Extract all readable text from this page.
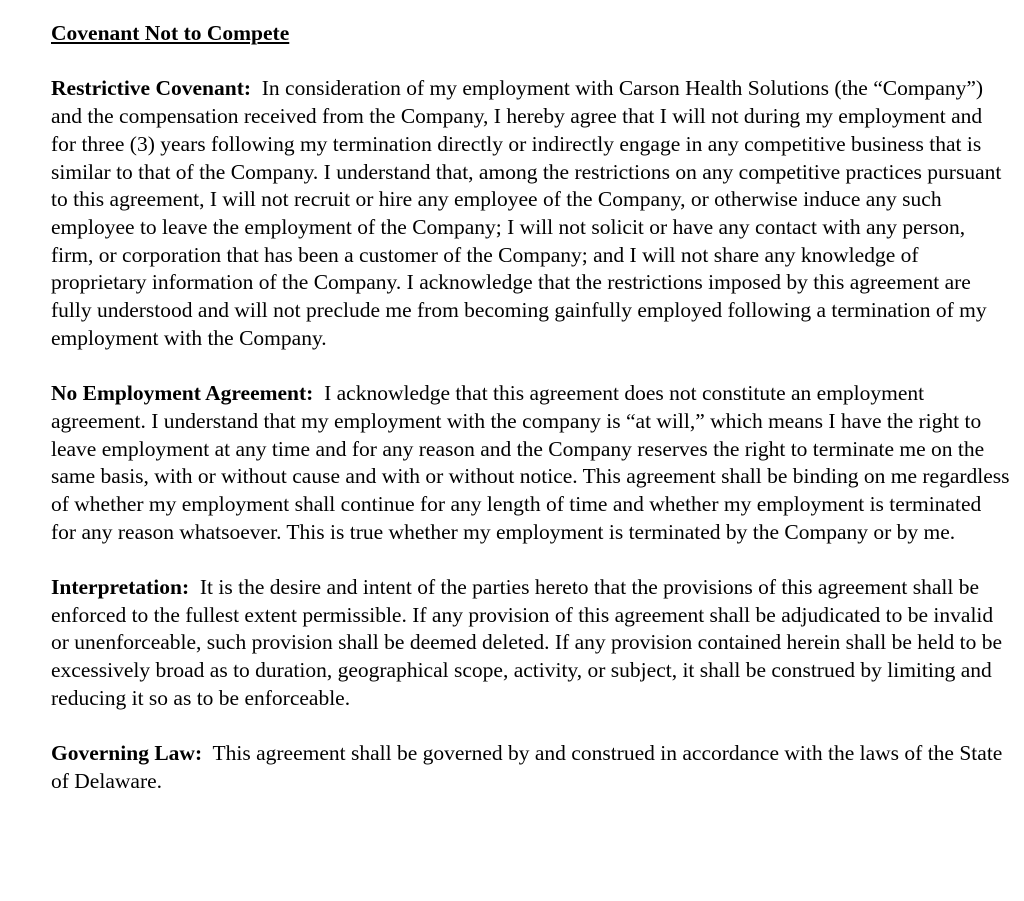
Covenant Not to Compete
Restrictive Covenant: In consideration of my employment with Carson Health Solutions (the “Company”) and the compensation received from the Company, I hereby agree that I will not during my employment and for three (3) years following my termination directly or indirectly engage in any competitive business that is similar to that of the Company. I understand that, among the restrictions on any competitive practices pursuant to this agreement, I will not recruit or hire any employee of the Company, or otherwise induce any such employee to leave the employment of the Company; I will not solicit or have any contact with any person, firm, or corporation that has been a customer of the Company; and I will not share any knowledge of proprietary information of the Company. I acknowledge that the restrictions imposed by this agreement are fully understood and will not preclude me from becoming gainfully employed following a termination of my employment with the Company.
No Employment Agreement: I acknowledge that this agreement does not constitute an employment agreement. I understand that my employment with the company is “at will,” which means I have the right to leave employment at any time and for any reason and the Company reserves the right to terminate me on the same basis, with or without cause and with or without notice. This agreement shall be binding on me regardless of whether my employment shall continue for any length of time and whether my employment is terminated for any reason whatsoever. This is true whether my employment is terminated by the Company or by me.
Interpretation: It is the desire and intent of the parties hereto that the provisions of this agreement shall be enforced to the fullest extent permissible. If any provision of this agreement shall be adjudicated to be invalid or unenforceable, such provision shall be deemed deleted. If any provision contained herein shall be held to be excessively broad as to duration, geographical scope, activity, or subject, it shall be construed by limiting and reducing it so as to be enforceable.
Governing Law: This agreement shall be governed by and construed in accordance with the laws of the State of Delaware.
